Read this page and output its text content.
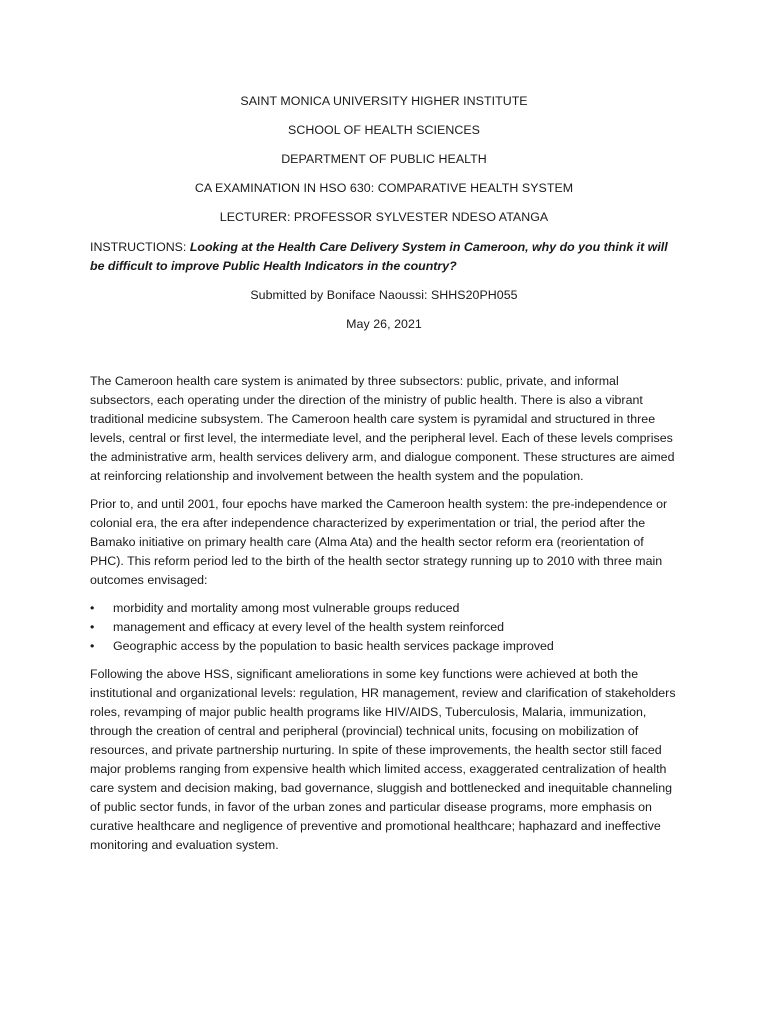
SAINT MONICA UNIVERSITY HIGHER INSTITUTE

SCHOOL OF HEALTH SCIENCES

DEPARTMENT OF PUBLIC HEALTH

CA EXAMINATION IN HSO 630: COMPARATIVE HEALTH SYSTEM

LECTURER: PROFESSOR SYLVESTER NDESO ATANGA

INSTRUCTIONS: Looking at the Health Care Delivery System in Cameroon, why do you think it will be difficult to improve Public Health Indicators in the country?

Submitted by Boniface Naoussi: SHHS20PH055

May 26, 2021

The Cameroon health care system is animated by three subsectors: public, private, and informal subsectors, each operating under the direction of the ministry of public health. There is also a vibrant traditional medicine subsystem. The Cameroon health care system is pyramidal and structured in three levels, central or first level, the intermediate level, and the peripheral level. Each of these levels comprises the administrative arm, health services delivery arm, and dialogue component. These structures are aimed at reinforcing relationship and involvement between the health system and the population.

Prior to, and until 2001, four epochs have marked the Cameroon health system: the pre-independence or colonial era, the era after independence characterized by experimentation or trial, the period after the Bamako initiative on primary health care (Alma Ata) and the health sector reform era (reorientation of PHC). This reform period led to the birth of the health sector strategy running up to 2010 with three main outcomes envisaged:

•	morbidity and mortality among most vulnerable groups reduced
•	management and efficacy at every level of the health system reinforced
•	Geographic access by the population to basic health services package improved

Following the above HSS, significant ameliorations in some key functions were achieved at both the institutional and organizational levels: regulation, HR management, review and clarification of stakeholders roles, revamping of major public health programs like HIV/AIDS, Tuberculosis, Malaria, immunization, through the creation of central and peripheral (provincial) technical units, focusing on mobilization of resources, and private partnership nurturing. In spite of these improvements, the health sector still faced major problems ranging from expensive health which limited access, exaggerated centralization of health care system and decision making, bad governance, sluggish and bottlenecked and inequitable channeling of public sector funds, in favor of the urban zones and particular disease programs, more emphasis on curative healthcare and negligence of preventive and promotional healthcare; haphazard and ineffective monitoring and evaluation system.
